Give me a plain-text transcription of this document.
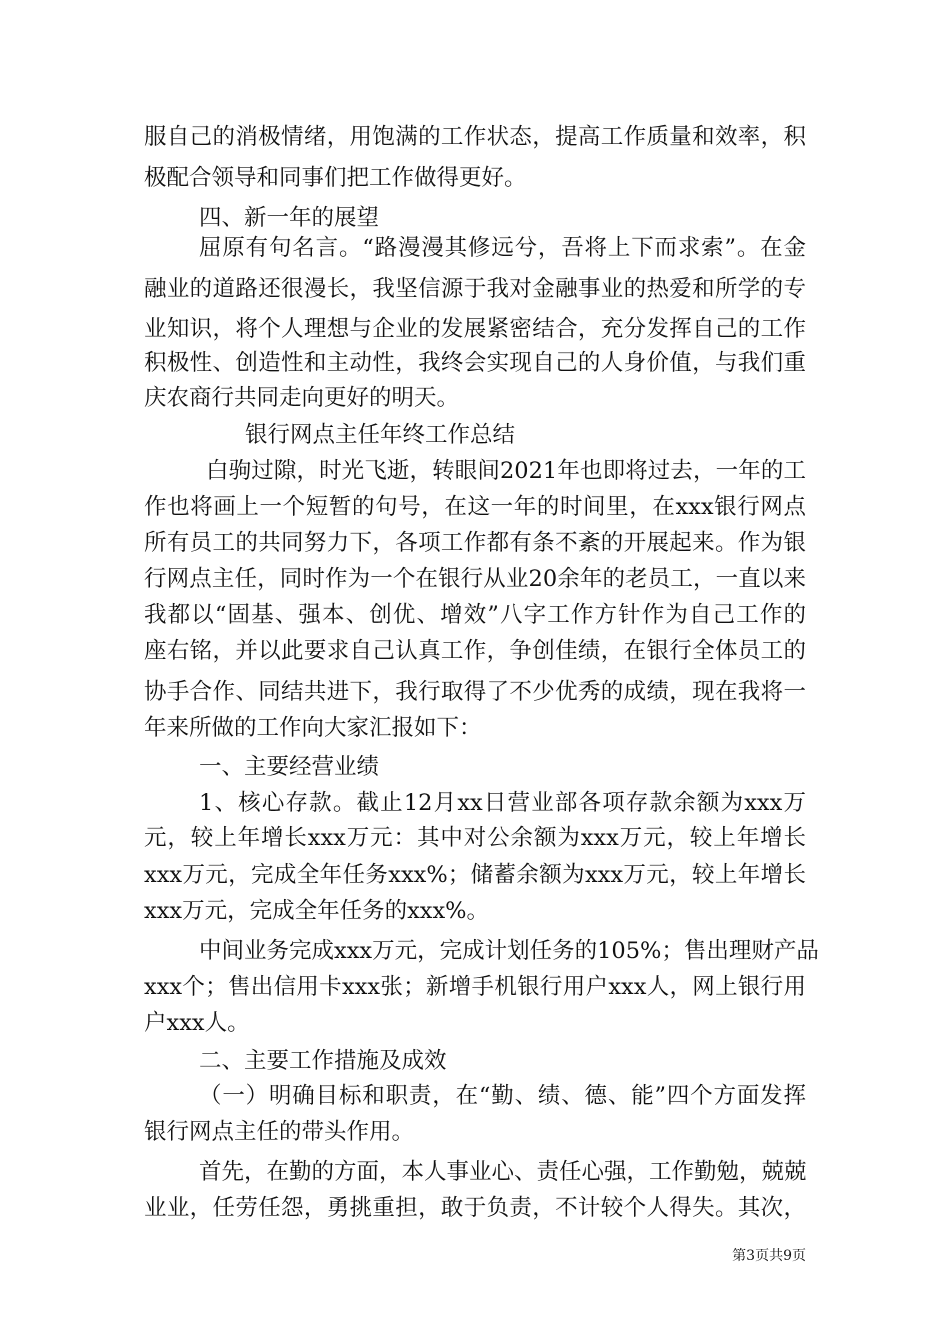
服自己的消极情绪，用饱满的工作状态，提高工作质量和效率，积
极配合领导和同事们把工作做得更好。
四、新一年的展望
屈原有句名言。“路漫漫其修远兮，吾将上下而求索”。在金
融业的道路还很漫长，我坚信源于我对金融事业的热爱和所学的专
业知识，将个人理想与企业的发展紧密结合，充分发挥自己的工作
积极性、创造性和主动性，我终会实现自己的人身价值，与我们重
庆农商行共同走向更好的明天。
银行网点主任年终工作总结
白驹过隙，时光飞逝，转眼间2021年也即将过去，一年的工
作也将画上一个短暂的句号，在这一年的时间里，在xxx银行网点
所有员工的共同努力下，各项工作都有条不紊的开展起来。作为银
行网点主任，同时作为一个在银行从业20余年的老员工，一直以来
我都以“固基、强本、创优、增效”八字工作方针作为自己工作的
座右铭，并以此要求自己认真工作，争创佳绩，在银行全体员工的
协手合作、同结共进下，我行取得了不少优秀的成绩，现在我将一
年来所做的工作向大家汇报如下：
一、主要经营业绩
1、核心存款。截止12月xx日营业部各项存款余额为xxx万
元，较上年增长xxx万元：其中对公余额为xxx万元，较上年增长
xxx万元，完成全年任务xxx%；储蓄余额为xxx万元，较上年增长
xxx万元，完成全年任务的xxx%。
中间业务完成xxx万元，完成计划任务的105%；售出理财产品
xxx个；售出信用卡xxx张；新增手机银行用户xxx人，网上银行用
户xxx人。
二、主要工作措施及成效
（一）明确目标和职责，在“勤、绩、德、能”四个方面发挥
银行网点主任的带头作用。
首先，在勤的方面，本人事业心、责任心强，工作勤勉，兢兢
业业，任劳任怨，勇挑重担，敢于负责，不计较个人得失。其次，
第3页共9页
